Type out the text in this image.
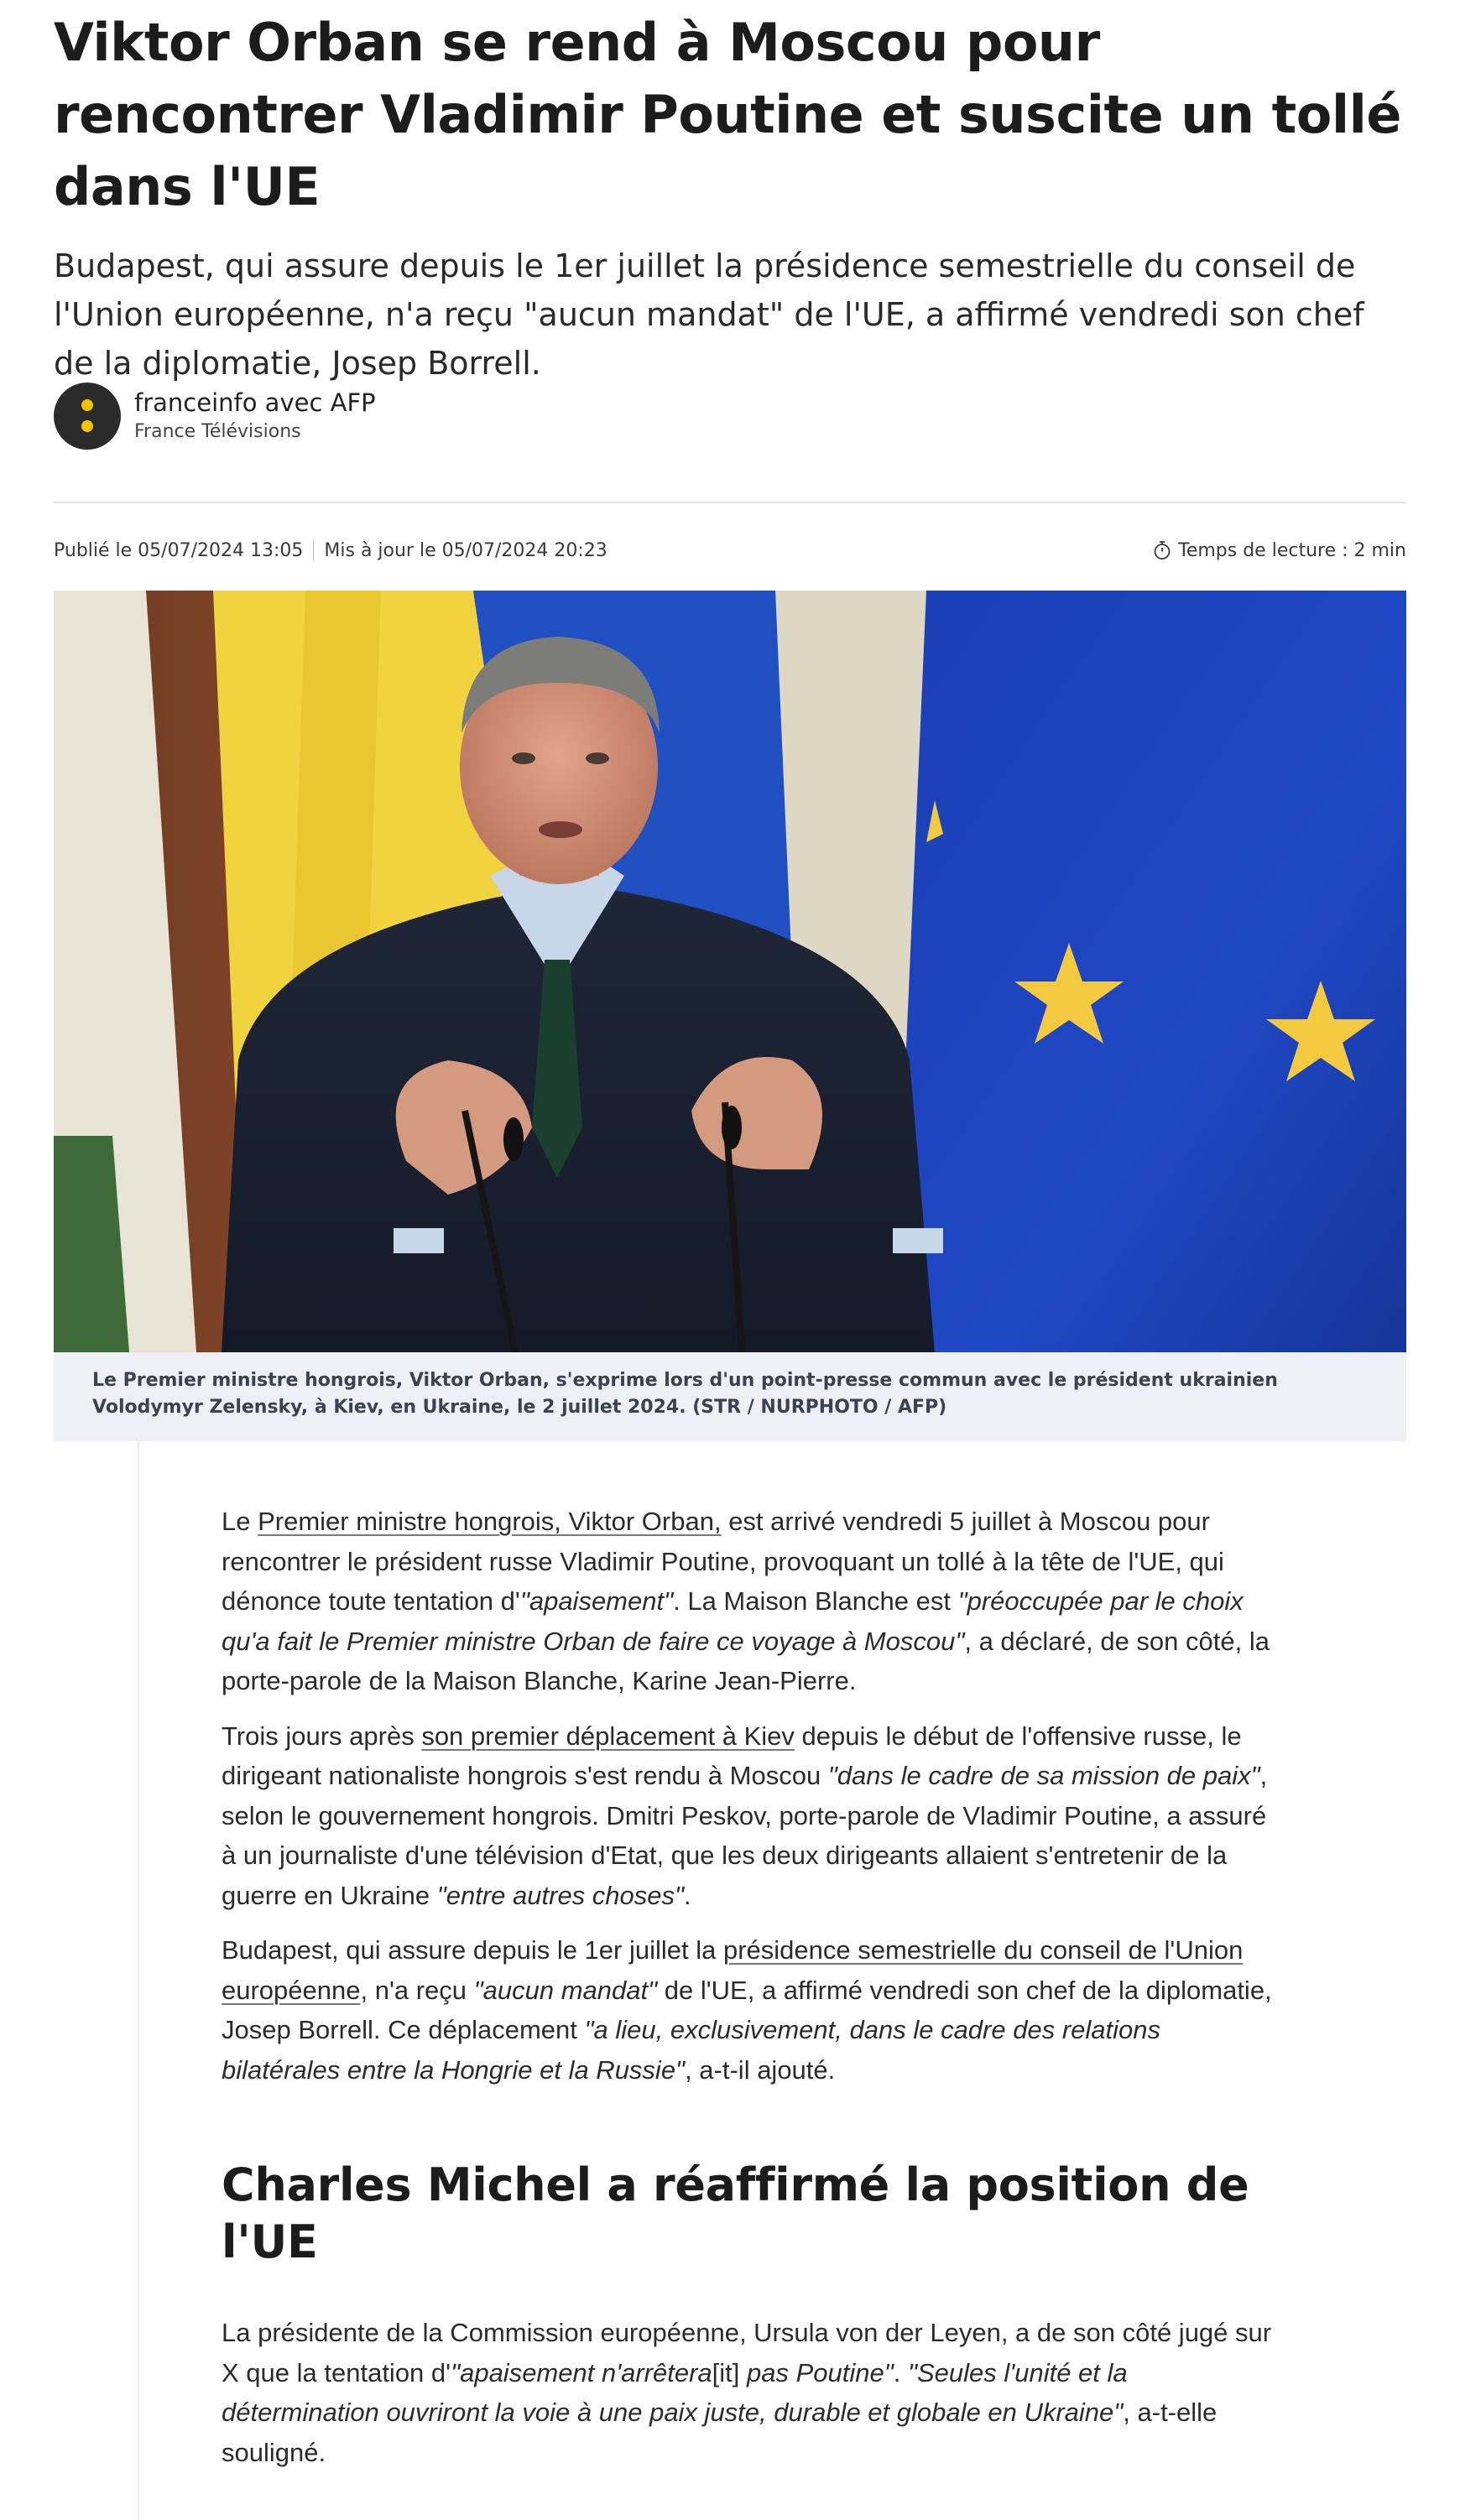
Viktor Orban se rend à Moscou pour rencontrer Vladimir Poutine et suscite un tollé dans l'UE

Budapest, qui assure depuis le 1er juillet la présidence semestrielle du conseil de l'Union européenne, n'a reçu "aucun mandat" de l'UE, a affirmé vendredi son chef de la diplomatie, Josep Borrell.

franceinfo avec AFP
France Télévisions
Publié le 05/07/2024 13:05 Mis à jour le 05/07/2024 20:23	Temps de lecture : 2 min
Le Premier ministre hongrois, Viktor Orban, s'exprime lors d'un point-presse commun avec le président ukrainien Volodymyr Zelensky, à Kiev, en Ukraine, le 2 juillet 2024. (STR / NURPHOTO / AFP)

Le Premier ministre hongrois, Viktor Orban, est arrivé vendredi 5 juillet à Moscou pour rencontrer le président russe Vladimir Poutine, provoquant un tollé à la tête de l'UE, qui dénonce toute tentation d'"apaisement". La Maison Blanche est "préoccupée par le choix qu'a fait le Premier ministre Orban de faire ce voyage à Moscou", a déclaré, de son côté, la porte-parole de la Maison Blanche, Karine Jean-Pierre.

Trois jours après son premier déplacement à Kiev depuis le début de l'offensive russe, le dirigeant nationaliste hongrois s'est rendu à Moscou "dans le cadre de sa mission de paix", selon le gouvernement hongrois. Dmitri Peskov, porte-parole de Vladimir Poutine, a assuré à un journaliste d'une télévision d'Etat, que les deux dirigeants allaient s'entretenir de la guerre en Ukraine "entre autres choses".

Budapest, qui assure depuis le 1er juillet la présidence semestrielle du conseil de l'Union européenne, n'a reçu "aucun mandat" de l'UE, a affirmé vendredi son chef de la diplomatie, Josep Borrell. Ce déplacement "a lieu, exclusivement, dans le cadre des relations bilatérales entre la Hongrie et la Russie", a-t-il ajouté.

Charles Michel a réaffirmé la position de l'UE

La présidente de la Commission européenne, Ursula von der Leyen, a de son côté jugé sur X que la tentation d'"apaisement n'arrêtera[it] pas Poutine". "Seules l'unité et la détermination ouvriront la voie à une paix juste, durable et globale en Ukraine", a-t-elle souligné.
